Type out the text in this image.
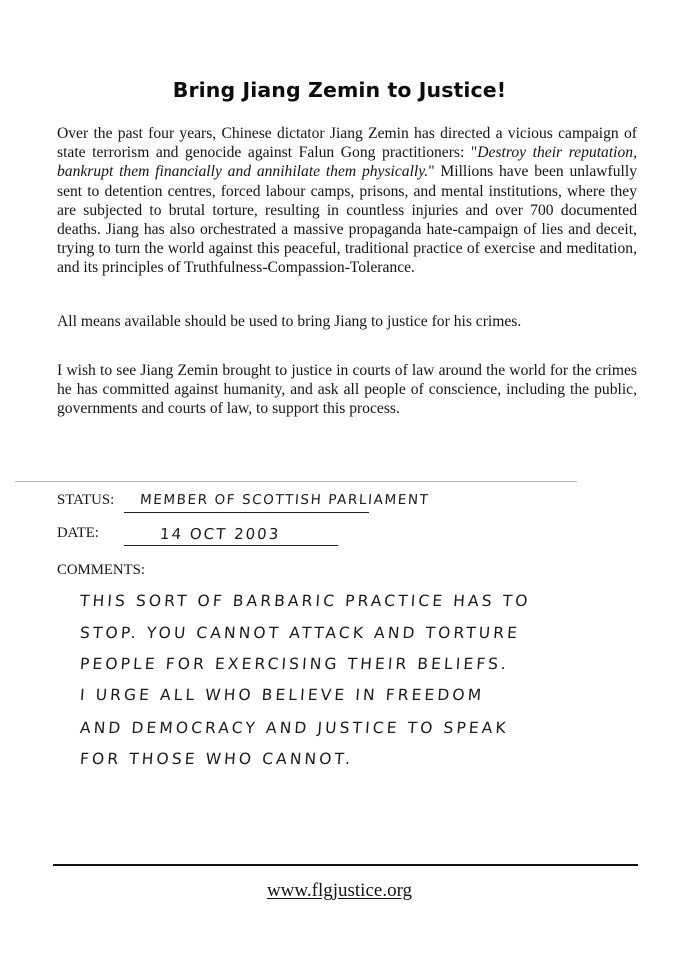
Bring Jiang Zemin to Justice!
Over the past four years, Chinese dictator Jiang Zemin has directed a vicious campaign of state terrorism and genocide against Falun Gong practitioners: "Destroy their reputation, bankrupt them financially and annihilate them physically." Millions have been unlawfully sent to detention centres, forced labour camps, prisons, and mental institutions, where they are subjected to brutal torture, resulting in countless injuries and over 700 documented deaths. Jiang has also orchestrated a massive propaganda hate-campaign of lies and deceit, trying to turn the world against this peaceful, traditional practice of exercise and meditation, and its principles of Truthfulness-Compassion-Tolerance.
All means available should be used to bring Jiang to justice for his crimes.
I wish to see Jiang Zemin brought to justice in courts of law around the world for the crimes he has committed against humanity, and ask all people of conscience, including the public, governments and courts of law, to support this process.
STATUS: MEMBER OF SCOTTISH PARLIAMENT
DATE:	14 OCT 2003
COMMENTS:
THIS SORT OF BARBARIC PRACTICE HAS TO
STOP. YOU CANNOT ATTACK AND TORTURE
PEOPLE FOR EXERCISING THEIR BELIEFS.
I URGE ALL WHO BELIEVE IN FREEDOM
AND DEMOCRACY AND JUSTICE TO SPEAK
FOR THOSE WHO CANNOT.
www.flgjustice.org
